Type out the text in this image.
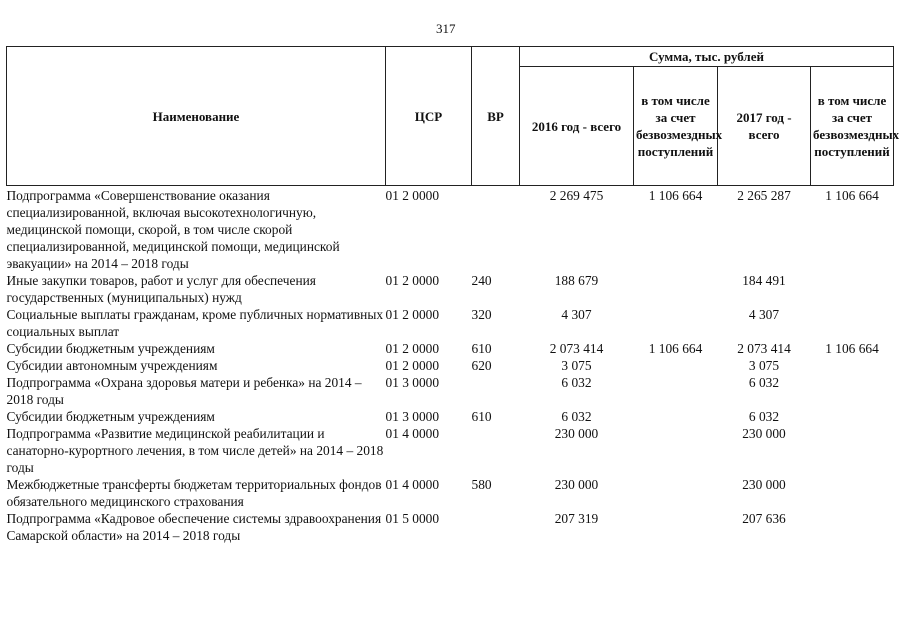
317
Наименование	ЦСР	ВР	Сумма, тыс. рублей			
			2016 год - всего	в том числе за счет безвозмездных поступлений	2017 год - всего	в том числе за счет безвозмездных поступлений
Подпрограмма «Совершенствование оказания специализированной, включая высокотехнологичную, медицинской помощи, скорой, в том числе скорой специализированной, медицинской помощи, медицинской эвакуации» на 2014 – 2018 годы	01 2 0000		2 269 475	1 106 664	2 265 287	1 106 664
Иные закупки товаров, работ и услуг для обеспечения государственных (муниципальных) нужд	01 2 0000	240	188 679		184 491	
Социальные выплаты гражданам, кроме публичных нормативных социальных выплат	01 2 0000	320	4 307		4 307	
Субсидии бюджетным учреждениям	01 2 0000	610	2 073 414	1 106 664	2 073 414	1 106 664
Субсидии автономным учреждениям	01 2 0000	620	3 075		3 075	
Подпрограмма «Охрана здоровья матери и ребенка» на 2014 – 2018 годы	01 3 0000		6 032		6 032	
Субсидии бюджетным учреждениям	01 3 0000	610	6 032		6 032	
Подпрограмма «Развитие медицинской реабилитации и санаторно-курортного лечения, в том числе детей» на 2014 – 2018 годы	01 4 0000		230 000		230 000	
Межбюджетные трансферты бюджетам территориальных фондов обязательного медицинского страхования	01 4 0000	580	230 000		230 000	
Подпрограмма «Кадровое обеспечение системы здравоохранения Самарской области» на 2014 – 2018 годы	01 5 0000		207 319		207 636	
